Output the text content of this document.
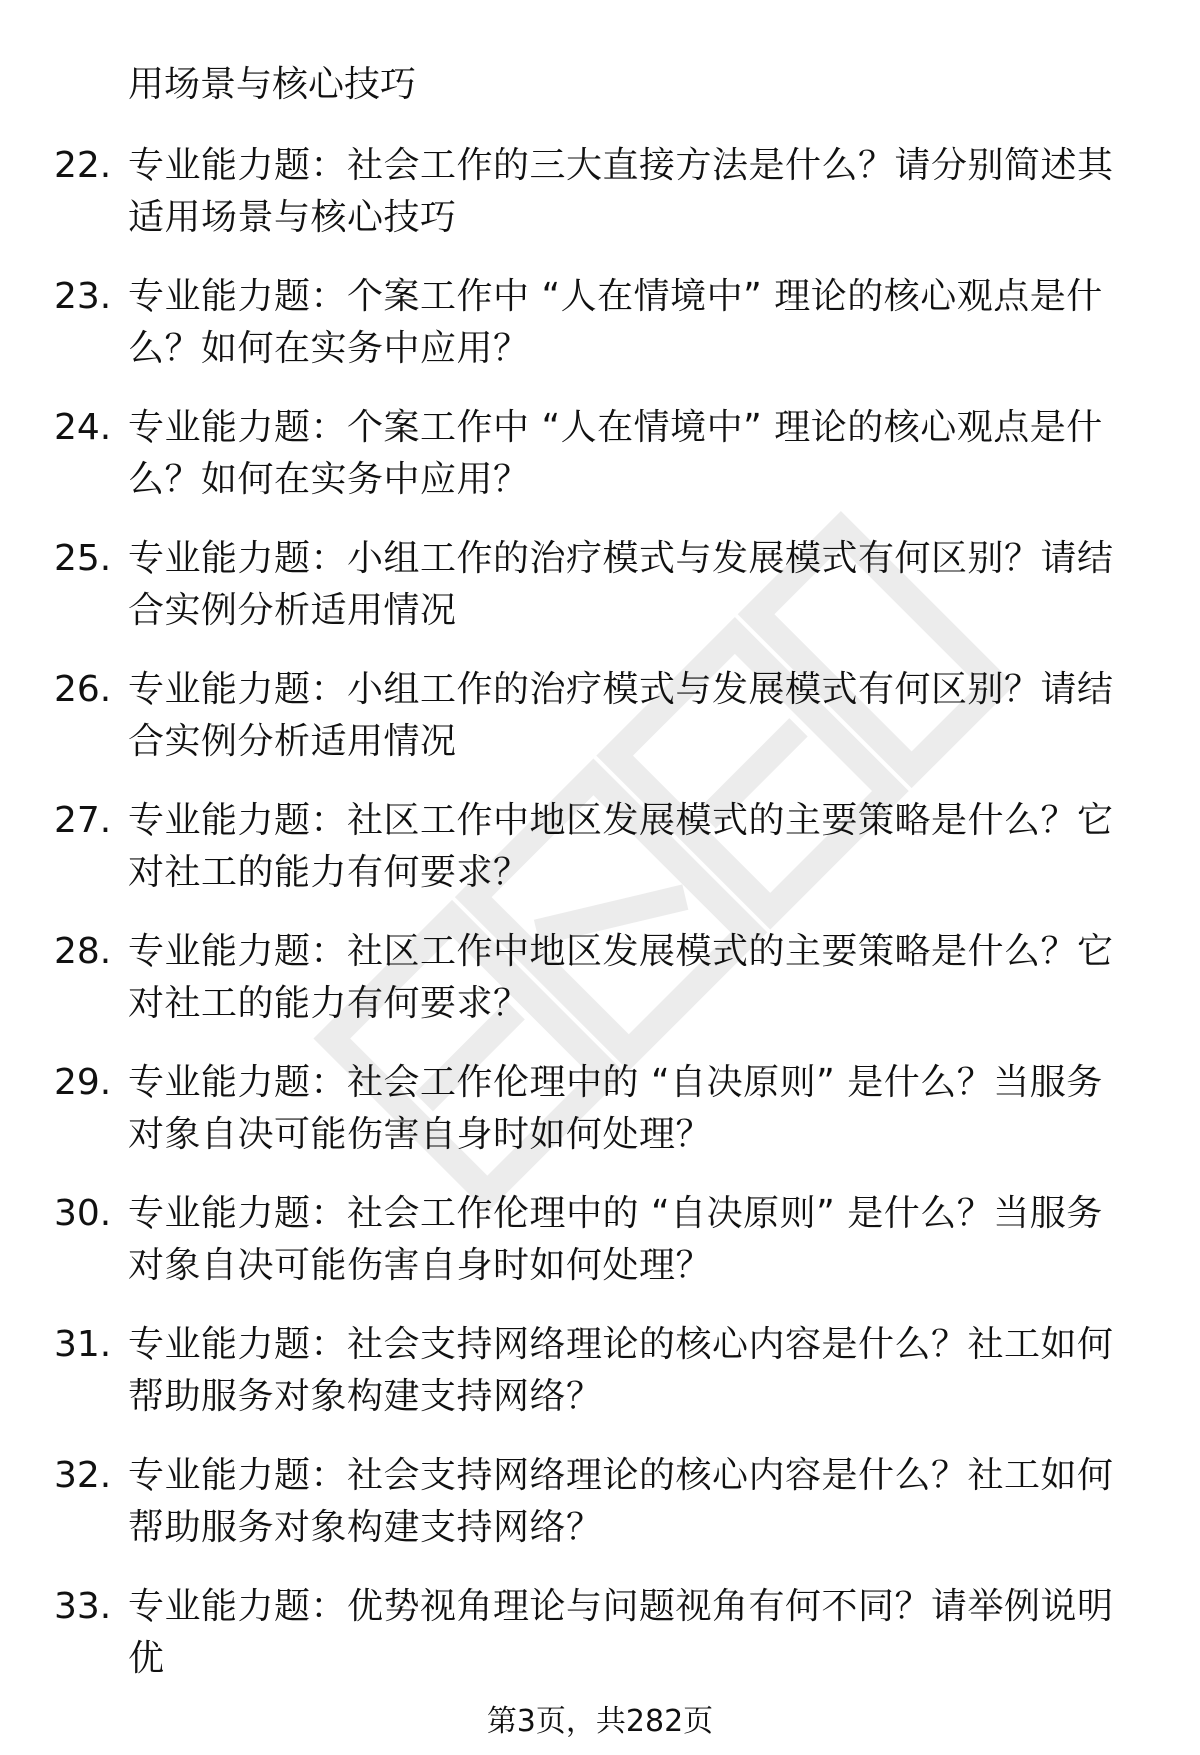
用场景与核心技巧
22. 专业能力题：社会工作的三大直接方法是什么？请分别简述其适用场景与核心技巧
23. 专业能力题：个案工作中 “人在情境中” 理论的核心观点是什么？如何在实务中应用？
24. 专业能力题：个案工作中 “人在情境中” 理论的核心观点是什么？如何在实务中应用？
25. 专业能力题：小组工作的治疗模式与发展模式有何区别？请结合实例分析适用情况
26. 专业能力题：小组工作的治疗模式与发展模式有何区别？请结合实例分析适用情况
27. 专业能力题：社区工作中地区发展模式的主要策略是什么？它对社工的能力有何要求？
28. 专业能力题：社区工作中地区发展模式的主要策略是什么？它对社工的能力有何要求？
29. 专业能力题：社会工作伦理中的 “自决原则” 是什么？当服务对象自决可能伤害自身时如何处理？
30. 专业能力题：社会工作伦理中的 “自决原则” 是什么？当服务对象自决可能伤害自身时如何处理？
31. 专业能力题：社会支持网络理论的核心内容是什么？社工如何帮助服务对象构建支持网络？
32. 专业能力题：社会支持网络理论的核心内容是什么？社工如何帮助服务对象构建支持网络？
33. 专业能力题：优势视角理论与问题视角有何不同？请举例说明优
第3页，共282页
